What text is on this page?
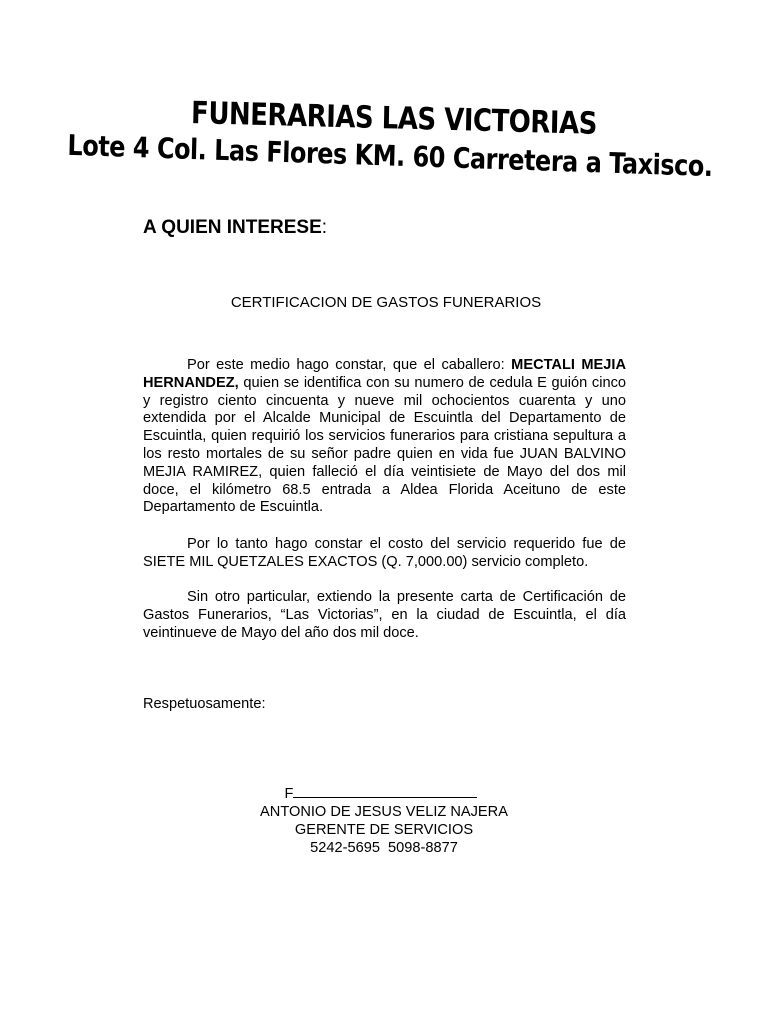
FUNERARIAS LAS VICTORIAS
Lote 4 Col. Las Flores KM. 60 Carretera a Taxisco.
A QUIEN INTERESE:
CERTIFICACION DE GASTOS FUNERARIOS

Por este medio hago constar, que el caballero: MECTALI MEJIA HERNANDEZ, quien se identifica con su numero de cedula E guión cinco y registro ciento cincuenta y nueve mil ochocientos cuarenta y uno extendida por el Alcalde Municipal de Escuintla del Departamento de Escuintla, quien requirió los servicios funerarios para cristiana sepultura a los resto mortales de su señor padre quien en vida fue JUAN BALVINO MEJIA RAMIREZ, quien falleció el día veintisiete de Mayo del dos mil doce, el kilómetro 68.5 entrada a Aldea Florida Aceituno de este Departamento de Escuintla.

Por lo tanto hago constar el costo del servicio requerido fue de SIETE MIL QUETZALES EXACTOS (Q. 7,000.00) servicio completo.

Sin otro particular, extiendo la presente carta de Certificación de Gastos Funerarios, “Las Victorias”, en la ciudad de Escuintla, el día veintinueve de Mayo del año dos mil doce.

Respetuosamente:
F
ANTONIO DE JESUS VELIZ NAJERA
GERENTE DE SERVICIOS
5242-5695  5098-8877
